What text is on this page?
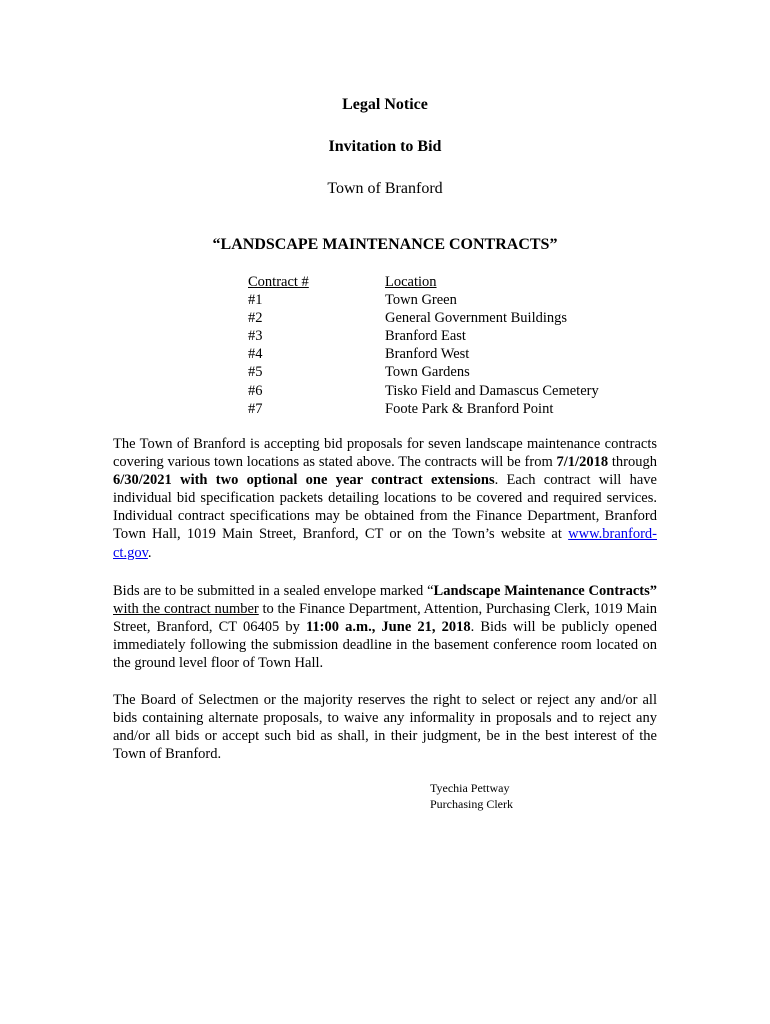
Legal Notice
Invitation to Bid
Town of Branford
“LANDSCAPE MAINTENANCE CONTRACTS”
Contract #	Location
#1	Town Green
#2	General Government Buildings
#3	Branford East
#4	Branford West
#5	Town Gardens
#6	Tisko Field and Damascus Cemetery
#7	Foote Park & Branford Point

The Town of Branford is accepting bid proposals for seven landscape maintenance contracts covering various town locations as stated above. The contracts will be from 7/1/2018 through 6/30/2021 with two optional one year contract extensions. Each contract will have individual bid specification packets detailing locations to be covered and required services. Individual contract specifications may be obtained from the Finance Department, Branford Town Hall, 1019 Main Street, Branford, CT or on the Town’s website at www.branford-ct.gov.

Bids are to be submitted in a sealed envelope marked “Landscape Maintenance Contracts” with the contract number to the Finance Department, Attention, Purchasing Clerk, 1019 Main Street, Branford, CT 06405 by 11:00 a.m., June 21, 2018. Bids will be publicly opened immediately following the submission deadline in the basement conference room located on the ground level floor of Town Hall.

The Board of Selectmen or the majority reserves the right to select or reject any and/or all bids containing alternate proposals, to waive any informality in proposals and to reject any and/or all bids or accept such bid as shall, in their judgment, be in the best interest of the Town of Branford.

Tyechia Pettway
Purchasing Clerk
